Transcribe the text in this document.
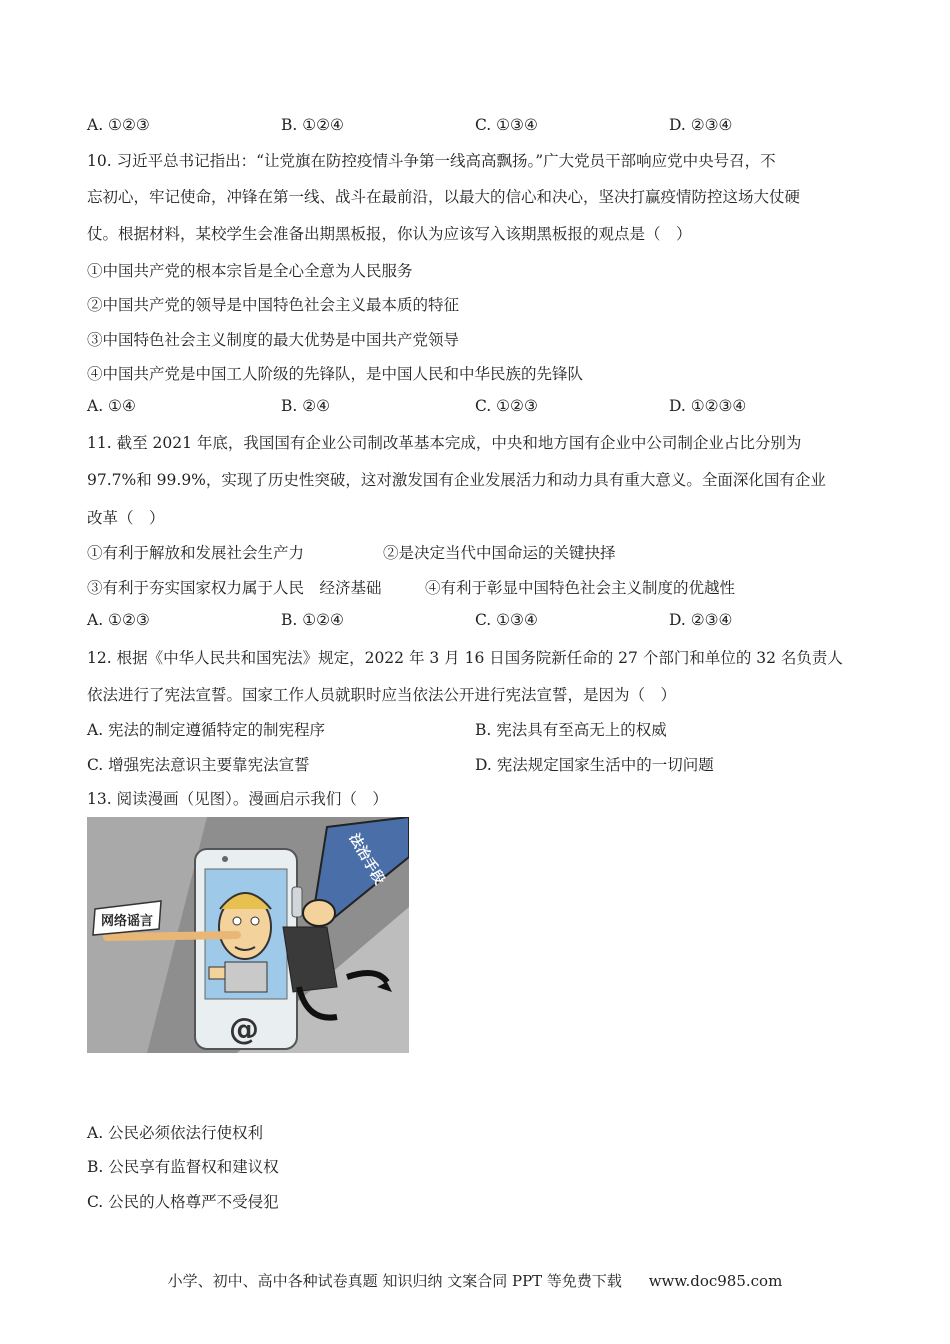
A. ①②③	B. ①②④	C. ①③④	D. ②③④
10. 习近平总书记指出：“让党旗在防控疫情斗争第一线高高飘扬。”广大党员干部响应党中央号召，不
忘初心，牢记使命，冲锋在第一线、战斗在最前沿，以最大的信心和决心，坚决打赢疫情防控这场大仗硬
仗。根据材料，某校学生会准备出期黑板报，你认为应该写入该期黑板报的观点是（　）
①中国共产党的根本宗旨是全心全意为人民服务
②中国共产党的领导是中国特色社会主义最本质的特征
③中国特色社会主义制度的最大优势是中国共产党领导
④中国共产党是中国工人阶级的先锋队，是中国人民和中华民族的先锋队
A. ①④	B. ②④	C. ①②③	D. ①②③④
11. 截至 2021 年底，我国国有企业公司制改革基本完成，中央和地方国有企业中公司制企业占比分别为
97.7%和 99.9%，实现了历史性突破，这对激发国有企业发展活力和动力具有重大意义。全面深化国有企业
改革（　）
①有利于解放和发展社会生产力	②是决定当代中国命运的关键抉择
③有利于夯实国家权力属于人民　经济基础	④有利于彰显中国特色社会主义制度的优越性
A. ①②③	B. ①②④	C. ①③④	D. ②③④
12. 根据《中华人民共和国宪法》规定，2022 年 3 月 16 日国务院新任命的 27 个部门和单位的 32 名负责人
依法进行了宪法宣誓。国家工作人员就职时应当依法公开进行宪法宣誓，是因为（　）
A. 宪法的制定遵循特定的制宪程序	B. 宪法具有至高无上的权威
C. 增强宪法意识主要靠宪法宣誓	D. 宪法规定国家生活中的一切问题
13. 阅读漫画（见图）。漫画启示我们（　）
网络谣言
法治手段
@
A. 公民必须依法行使权利
B. 公民享有监督权和建议权
C. 公民的人格尊严不受侵犯
小学、初中、高中各种试卷真题 知识归纳 文案合同 PPT 等免费下载 www.doc985.com
